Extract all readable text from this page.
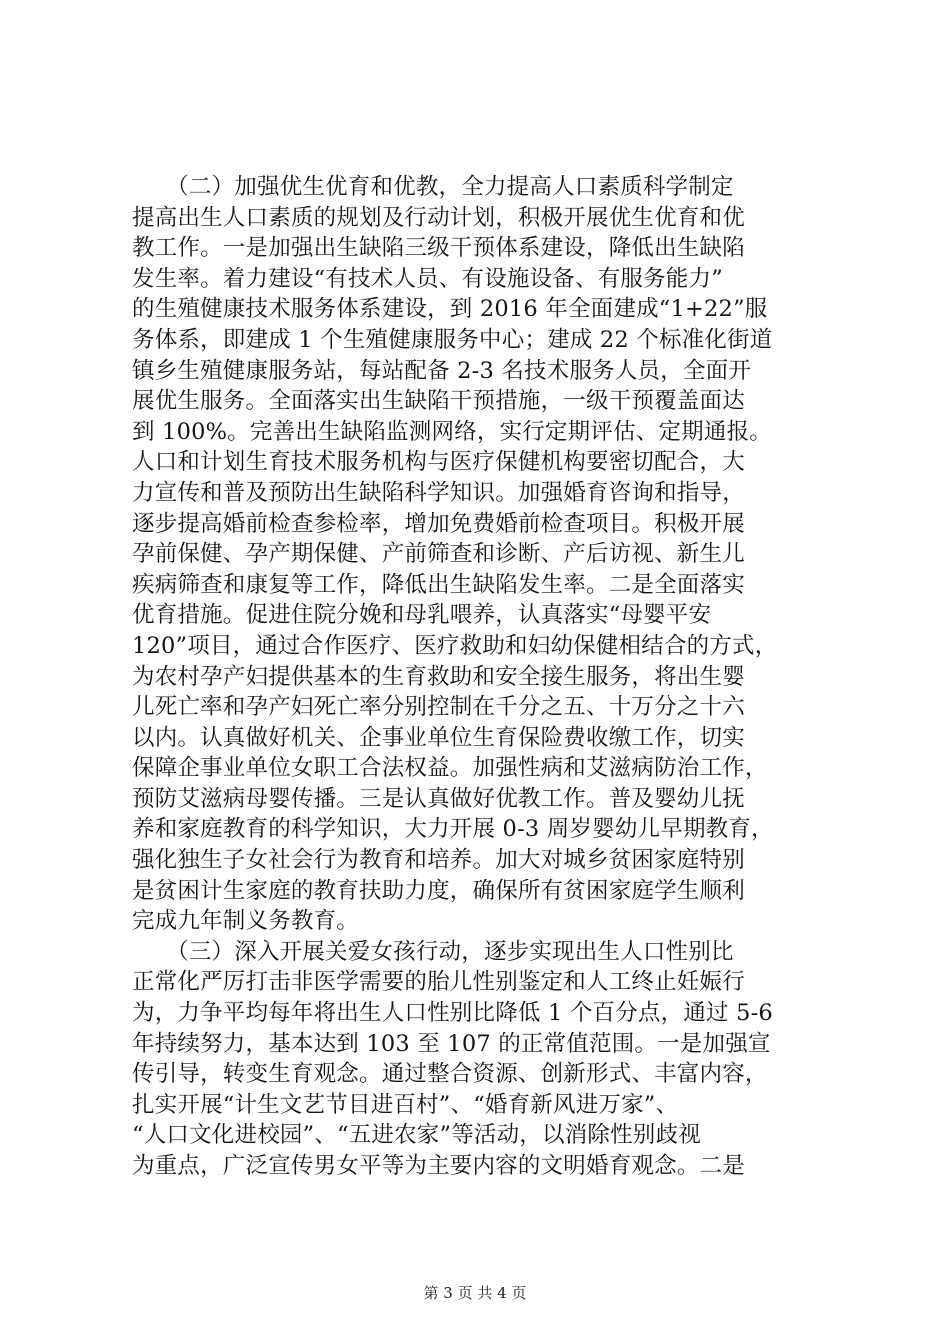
　　（二）加强优生优育和优教，全力提高人口素质科学制定
提高出生人口素质的规划及行动计划，积极开展优生优育和优
教工作。一是加强出生缺陷三级干预体系建设，降低出生缺陷
发生率。着力建设“有技术人员、有设施设备、有服务能力”
的生殖健康技术服务体系建设，到 2016 年全面建成“1+22”服
务体系，即建成 1 个生殖健康服务中心；建成 22 个标准化街道
镇乡生殖健康服务站，每站配备 2-3 名技术服务人员，全面开
展优生服务。全面落实出生缺陷干预措施，一级干预覆盖面达
到 100%。完善出生缺陷监测网络，实行定期评估、定期通报。
人口和计划生育技术服务机构与医疗保健机构要密切配合，大
力宣传和普及预防出生缺陷科学知识。加强婚育咨询和指导，
逐步提高婚前检查参检率，增加免费婚前检查项目。积极开展
孕前保健、孕产期保健、产前筛查和诊断、产后访视、新生儿
疾病筛查和康复等工作，降低出生缺陷发生率。二是全面落实
优育措施。促进住院分娩和母乳喂养，认真落实“母婴平安
120”项目，通过合作医疗、医疗救助和妇幼保健相结合的方式，
为农村孕产妇提供基本的生育救助和安全接生服务，将出生婴
儿死亡率和孕产妇死亡率分别控制在千分之五、十万分之十六
以内。认真做好机关、企事业单位生育保险费收缴工作，切实
保障企事业单位女职工合法权益。加强性病和艾滋病防治工作，
预防艾滋病母婴传播。三是认真做好优教工作。普及婴幼儿抚
养和家庭教育的科学知识，大力开展 0-3 周岁婴幼儿早期教育，
强化独生子女社会行为教育和培养。加大对城乡贫困家庭特别
是贫困计生家庭的教育扶助力度，确保所有贫困家庭学生顺利
完成九年制义务教育。
　　（三）深入开展关爱女孩行动，逐步实现出生人口性别比
正常化严厉打击非医学需要的胎儿性别鉴定和人工终止妊娠行
为，力争平均每年将出生人口性别比降低 1 个百分点，通过 5-6
年持续努力，基本达到 103 至 107 的正常值范围。一是加强宣
传引导，转变生育观念。通过整合资源、创新形式、丰富内容，
扎实开展“计生文艺节目进百村”、“婚育新风进万家”、
“人口文化进校园”、“五进农家”等活动，以消除性别歧视
为重点，广泛宣传男女平等为主要内容的文明婚育观念。二是
第 3 页 共 4 页
